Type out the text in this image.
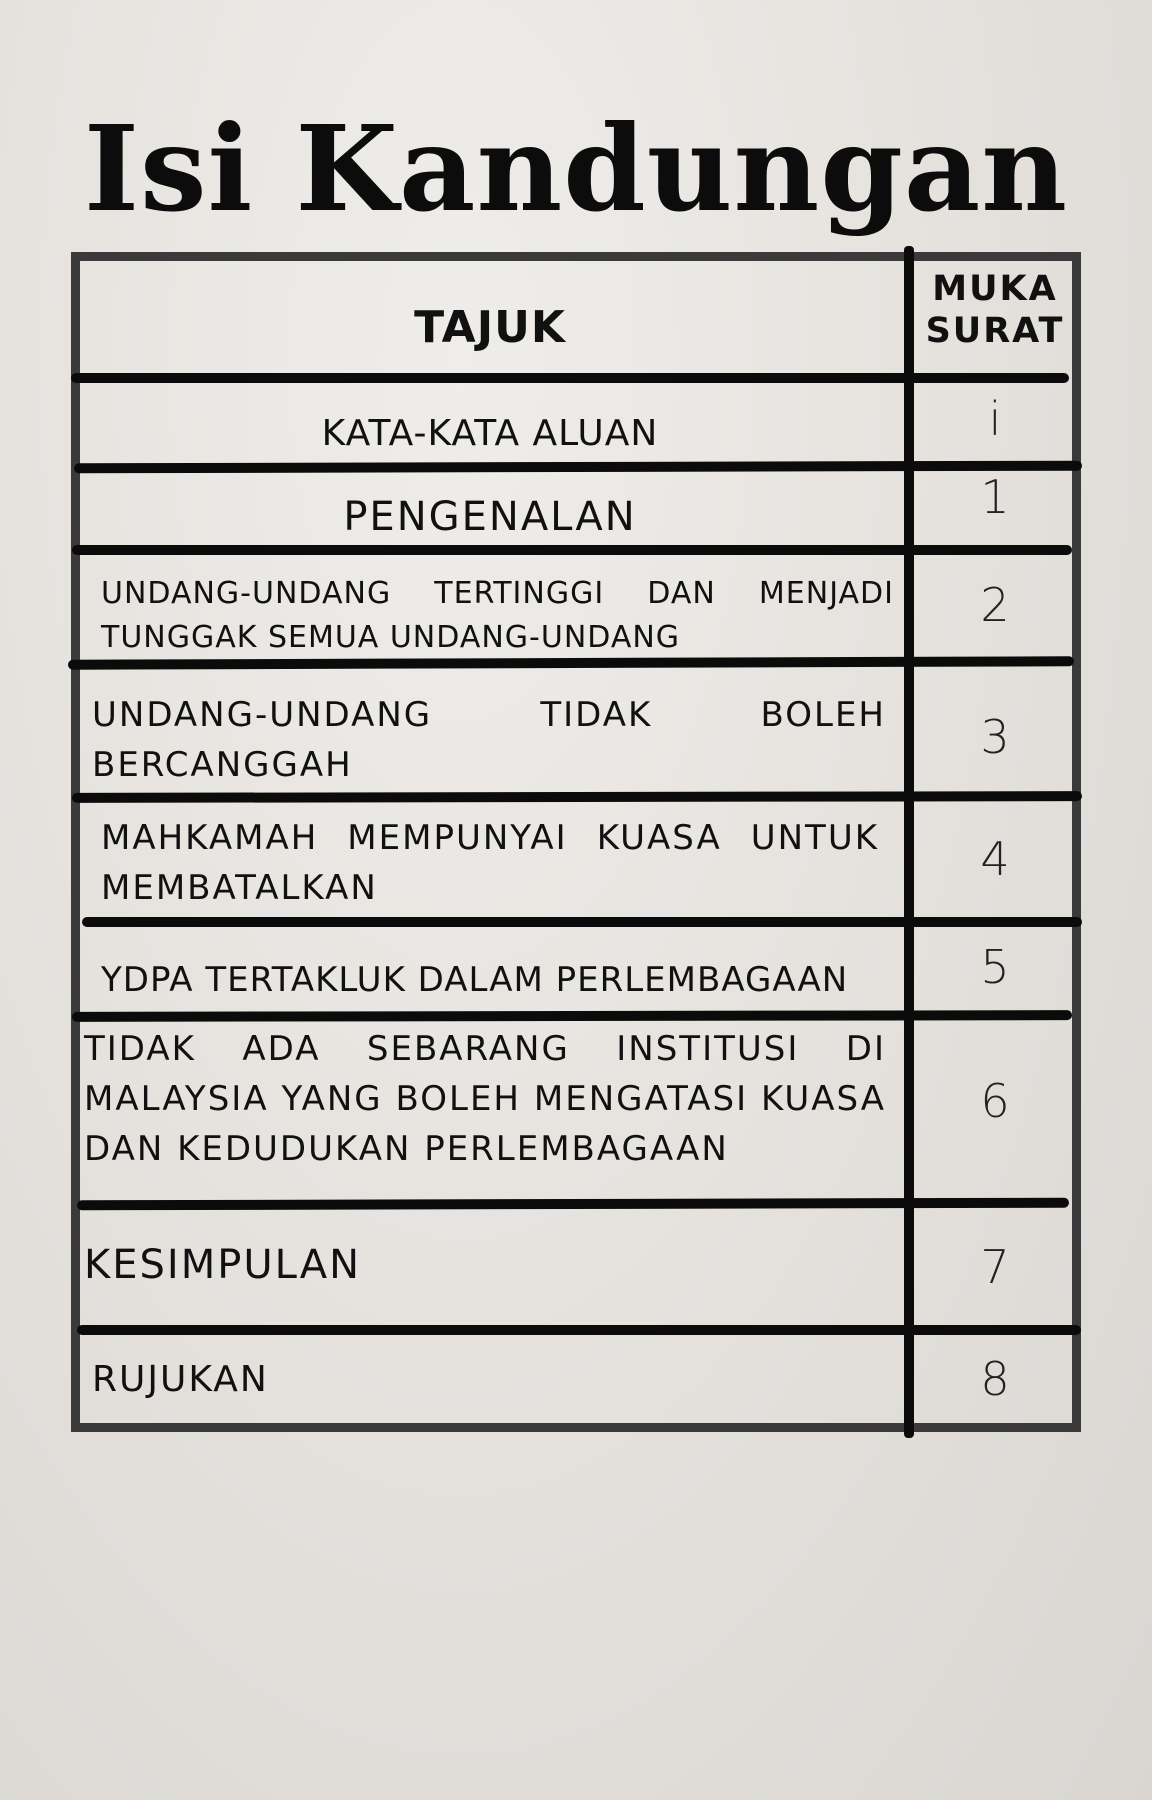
Isi Kandungan
TAJUK
MUKA SURAT
KATA-KATA ALUAN
PENGENALAN
UNDANG-UNDANG TERTINGGI DAN MENJADI TUNGGAK SEMUA UNDANG-UNDANG
UNDANG-UNDANG TIDAK BOLEH BERCANGGAH
MAHKAMAH MEMPUNYAI KUASA UNTUK MEMBATALKAN
YDPA TERTAKLUK DALAM PERLEMBAGAAN
TIDAK ADA SEBARANG INSTITUSI DI MALAYSIA YANG BOLEH MENGATASI KUASA DAN KEDUDUKAN PERLEMBAGAAN
KESIMPULAN
RUJUKAN
i
1
2
3
4
5
6
7
8
